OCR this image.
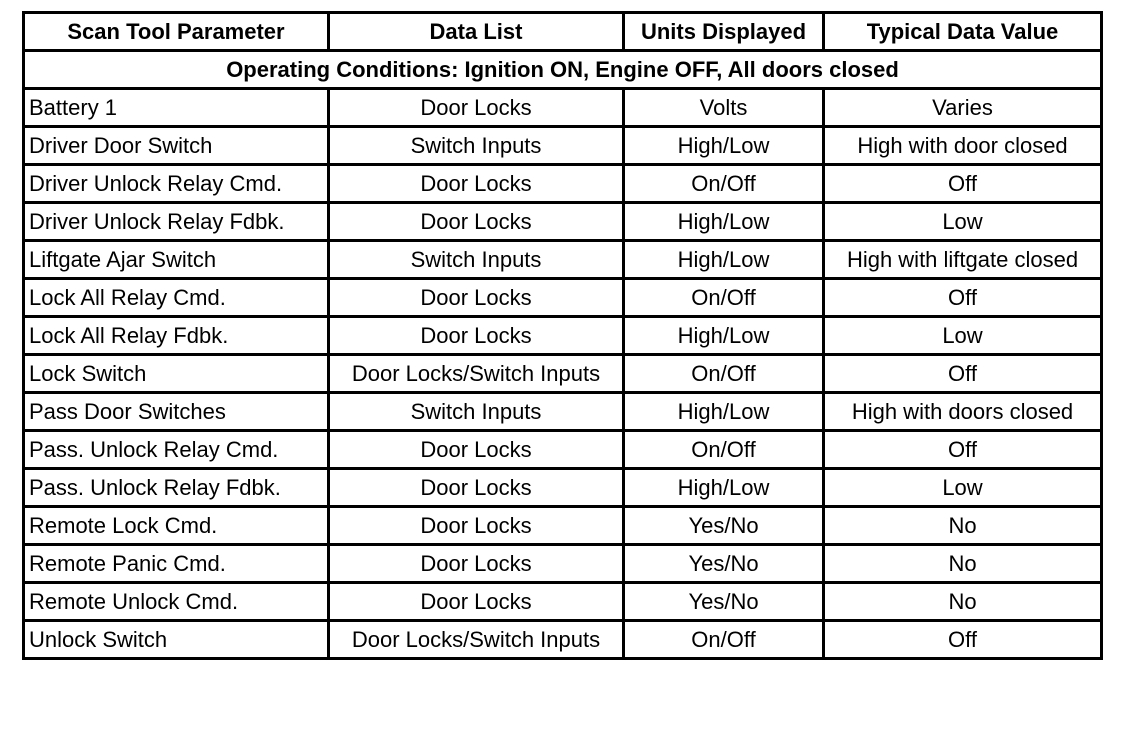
Scan Tool Parameter	Data List	Units Displayed	Typical Data Value
Operating Conditions: Ignition ON, Engine OFF, All doors closed			
Battery 1	Door Locks	Volts	Varies
Driver Door Switch	Switch Inputs	High/Low	High with door closed
Driver Unlock Relay Cmd.	Door Locks	On/Off	Off
Driver Unlock Relay Fdbk.	Door Locks	High/Low	Low
Liftgate Ajar Switch	Switch Inputs	High/Low	High with liftgate closed
Lock All Relay Cmd.	Door Locks	On/Off	Off
Lock All Relay Fdbk.	Door Locks	High/Low	Low
Lock Switch	Door Locks/Switch Inputs	On/Off	Off
Pass Door Switches	Switch Inputs	High/Low	High with doors closed
Pass. Unlock Relay Cmd.	Door Locks	On/Off	Off
Pass. Unlock Relay Fdbk.	Door Locks	High/Low	Low
Remote Lock Cmd.	Door Locks	Yes/No	No
Remote Panic Cmd.	Door Locks	Yes/No	No
Remote Unlock Cmd.	Door Locks	Yes/No	No
Unlock Switch	Door Locks/Switch Inputs	On/Off	Off
